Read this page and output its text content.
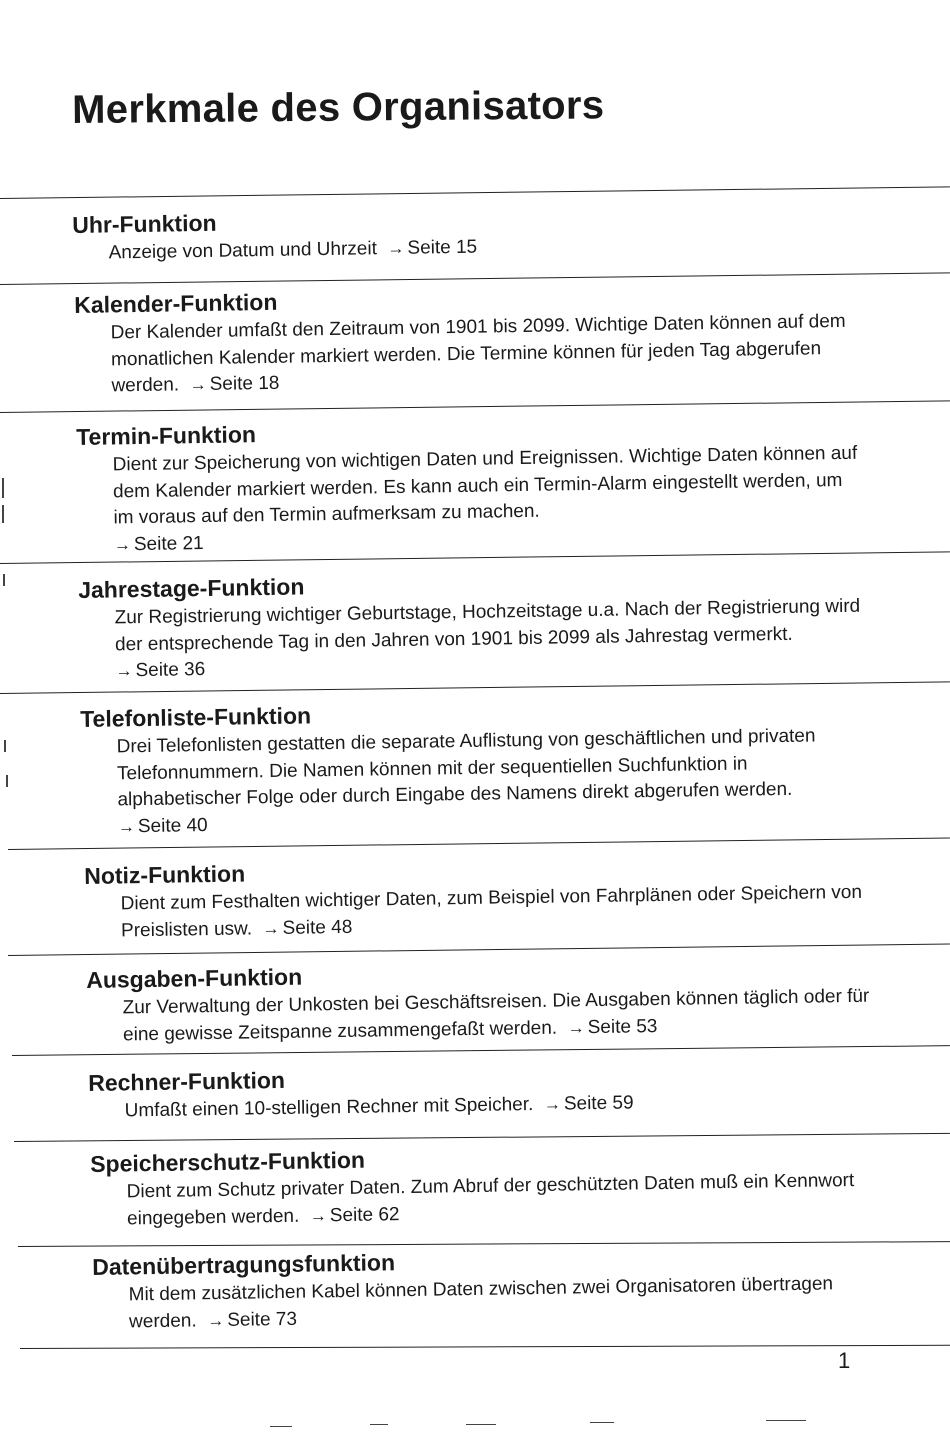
Merkmale des Organisators
Uhr-Funktion

Anzeige von Datum und Uhrzeit → Seite 15

Kalender-Funktion

Der Kalender umfaßt den Zeitraum von 1901 bis 2099. Wichtige Daten können auf dem monatlichen Kalender markiert werden. Die Termine können für jeden Tag abgerufen werden. → Seite 18

Termin-Funktion

Dient zur Speicherung von wichtigen Daten und Ereignissen. Wichtige Daten können auf dem Kalender markiert werden. Es kann auch ein Termin-Alarm eingestellt werden, um im voraus auf den Termin aufmerksam zu machen.
→ Seite 21

Jahrestage-Funktion

Zur Registrierung wichtiger Geburtstage, Hochzeitstage u.a. Nach der Registrierung wird der entsprechende Tag in den Jahren von 1901 bis 2099 als Jahrestag vermerkt.  → Seite 36

Telefonliste-Funktion

Drei Telefonlisten gestatten die separate Auflistung von geschäftlichen und privaten Telefonnummern. Die Namen können mit der sequentiellen Suchfunktion in alphabetischer Folge oder durch Eingabe des Namens direkt abgerufen werden.  → Seite 40

Notiz-Funktion

Dient zum Festhalten wichtiger Daten, zum Beispiel von Fahrplänen oder Speichern von Preislisten usw. → Seite 48

Ausgaben-Funktion

Zur Verwaltung der Unkosten bei Geschäftsreisen. Die Ausgaben können täglich oder für eine gewisse Zeitspanne zusammengefaßt werden. → Seite 53

Rechner-Funktion

Umfaßt einen 10-stelligen Rechner mit Speicher. → Seite 59

Speicherschutz-Funktion

Dient zum Schutz privater Daten. Zum Abruf der geschützten Daten muß ein Kennwort eingegeben werden. → Seite 62

Datenübertragungsfunktion

Mit dem zusätzlichen Kabel können Daten zwischen zwei Organisatoren übertragen werden. → Seite 73

1
